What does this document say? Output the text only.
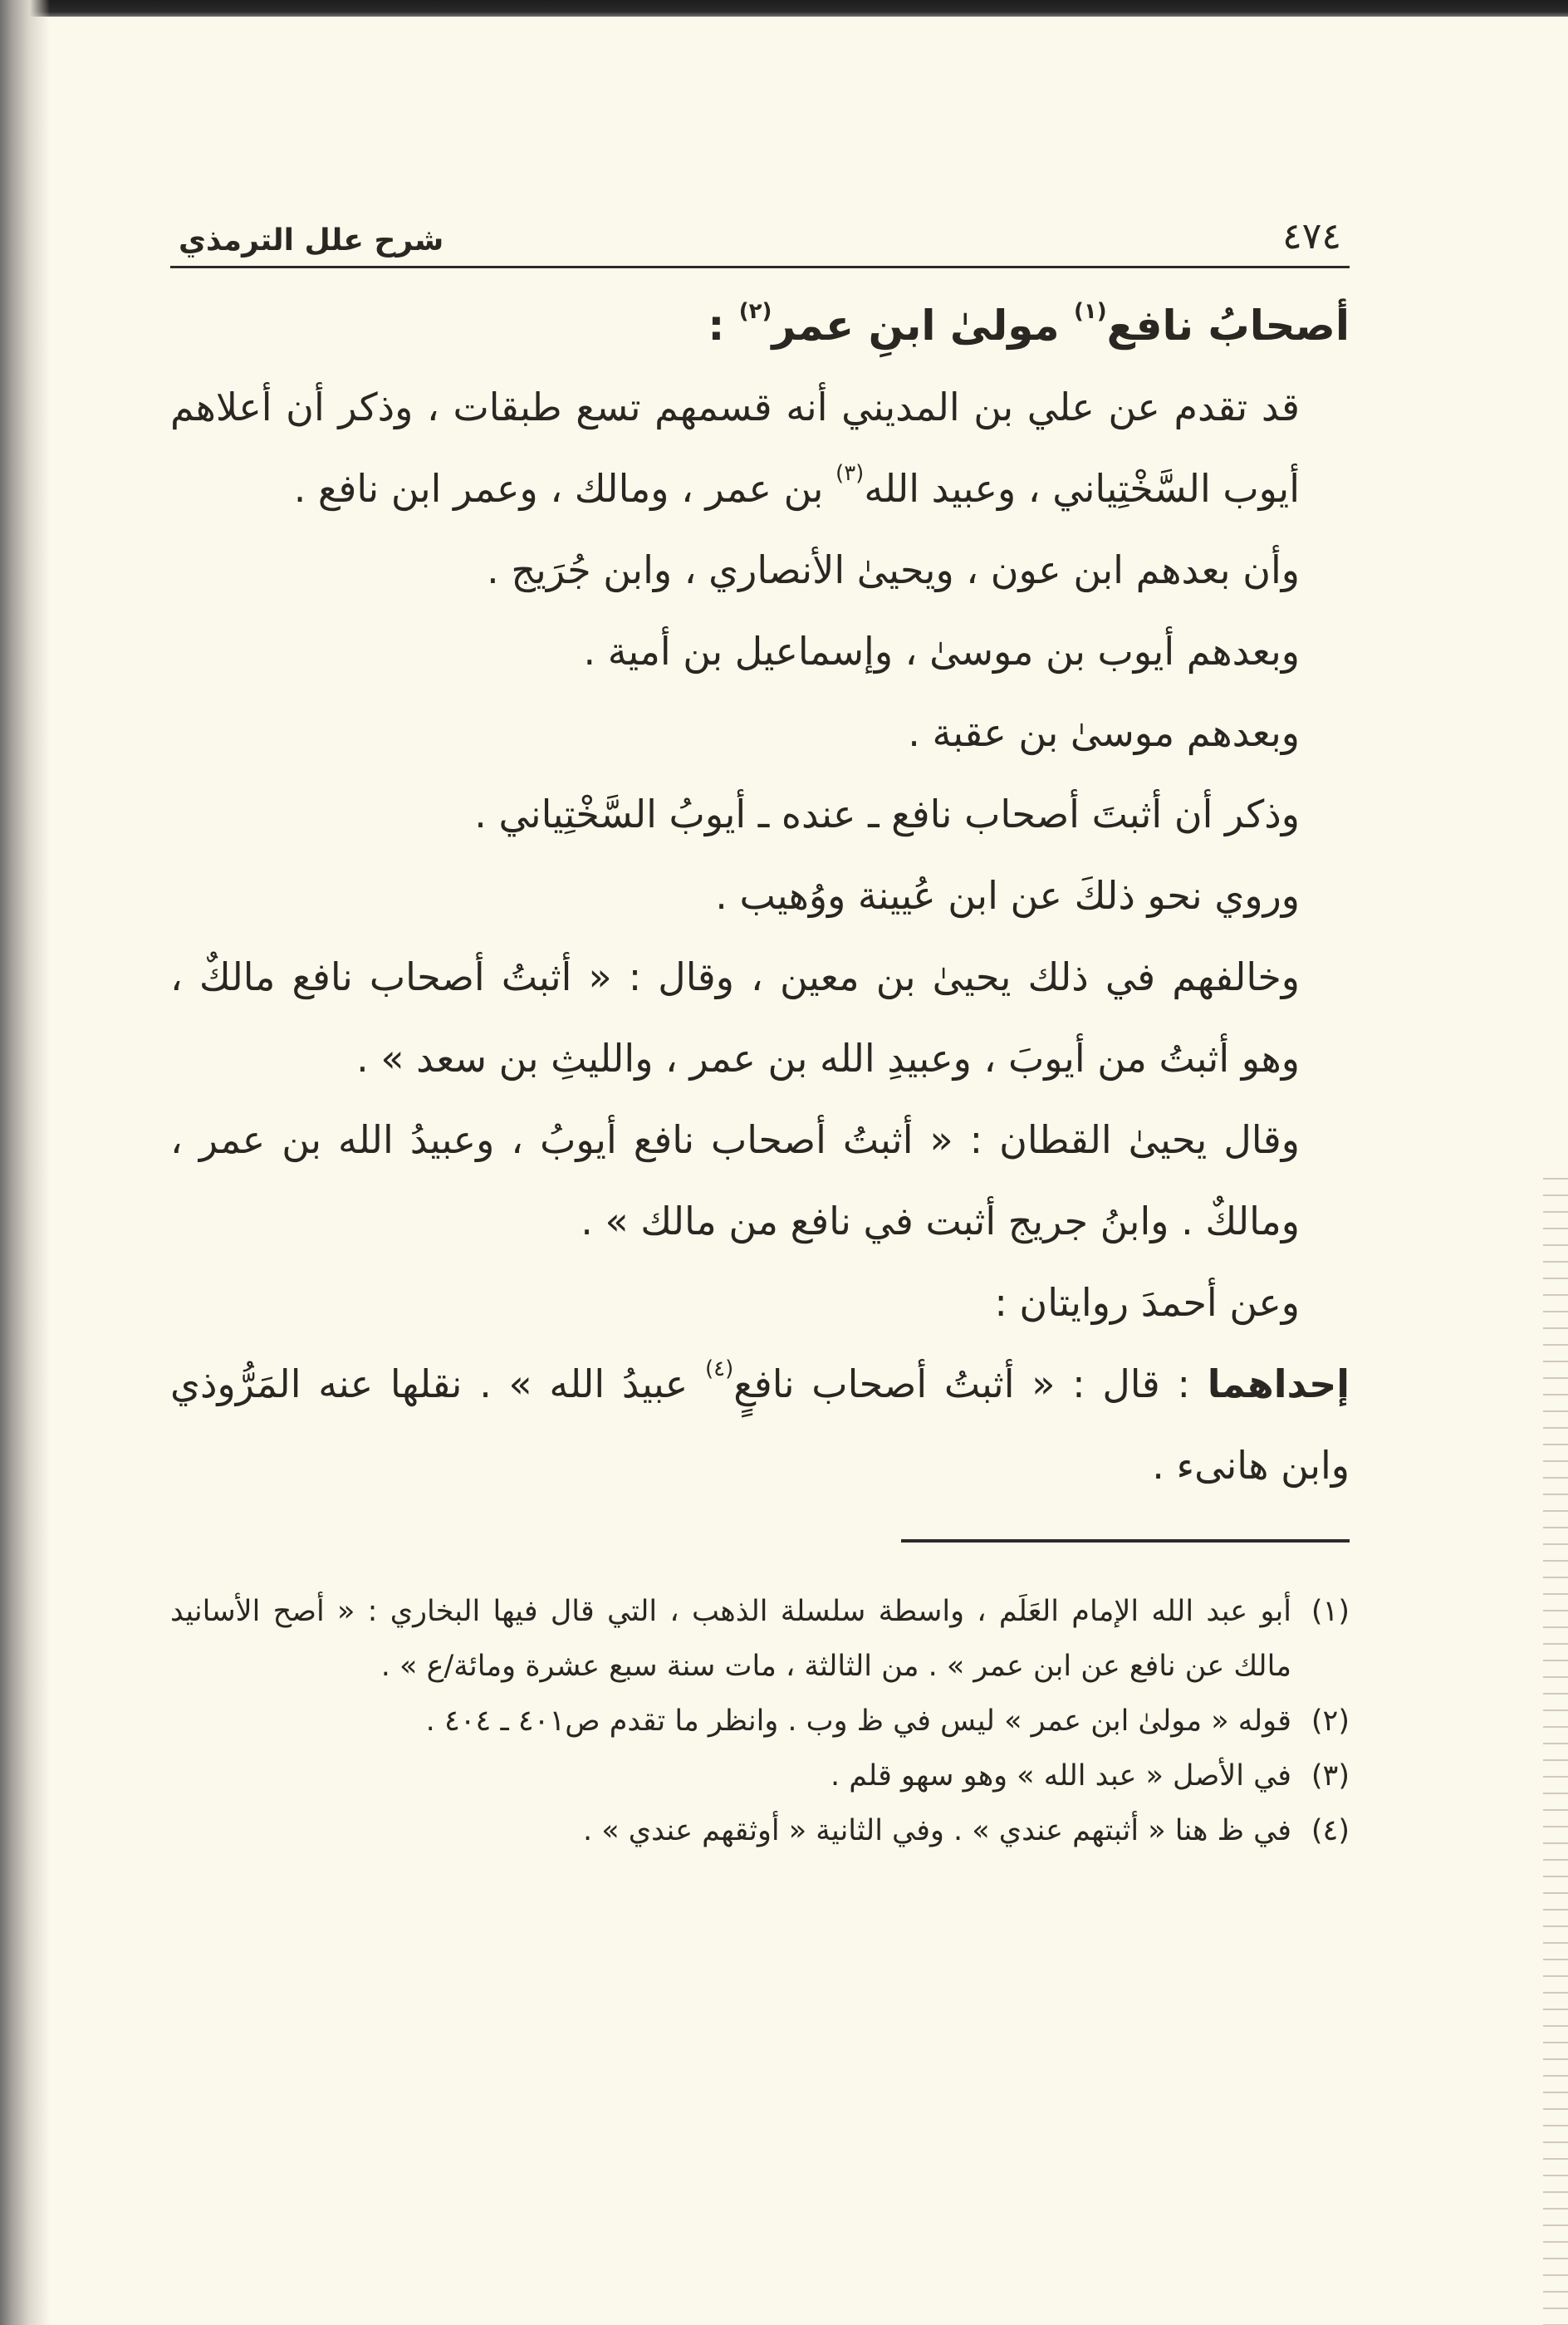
٤٧٤
شرح علل الترمذي

أصحابُ نافع$^{(١)}$ مولىٰ ابنِ عمر$^{(٢)}$ :

قد تقدم عن علي بن المديني أنه قسمهم تسع طبقات ، وذكر أن أعلاهم أيوب السَّخْتِياني ، وعبيد الله$^{(٣)}$ بن عمر ، ومالك ، وعمر ابن نافع .

وأن بعدهم ابن عون ، ويحيىٰ الأنصاري ، وابن جُرَيج .

وبعدهم أيوب بن موسىٰ ، وإسماعيل بن أمية .

وبعدهم موسىٰ بن عقبة .

وذكر أن أثبتَ أصحاب نافع ـ عنده ـ أيوبُ السَّخْتِياني .

وروي نحو ذلكَ عن ابن عُيينة ووُهيب .

وخالفهم في ذلك يحيىٰ بن معين ، وقال : « أثبتُ أصحاب نافع مالكٌ ، وهو أثبتُ من أيوبَ ، وعبيدِ الله بن عمر ، والليثِ بن سعد » .

وقال يحيىٰ القطان : « أثبتُ أصحاب نافع أيوبُ ، وعبيدُ الله بن عمر ، ومالكٌ . وابنُ جريج أثبت في نافع من مالك » .

وعن أحمدَ روايتان :

إحداهما : قال : « أثبتُ أصحاب نافعٍ$^{(٤)}$ عبيدُ الله » . نقلها عنه المَرُّوذي وابن هانىء .

(١)
أبو عبد الله الإمام العَلَم ، واسطة سلسلة الذهب ، التي قال فيها البخاري : « أصح الأسانيد مالك عن نافع عن ابن عمر » . من الثالثة ، مات سنة سبع عشرة ومائة/ع » .
(٢)
قوله « مولىٰ ابن عمر » ليس في ظ وب . وانظر ما تقدم ص٤٠١ ـ ٤٠٤ .
(٣)
في الأصل « عبد الله » وهو سهو قلم .
(٤)
في ظ هنا « أثبتهم عندي » . وفي الثانية « أوثقهم عندي » .
